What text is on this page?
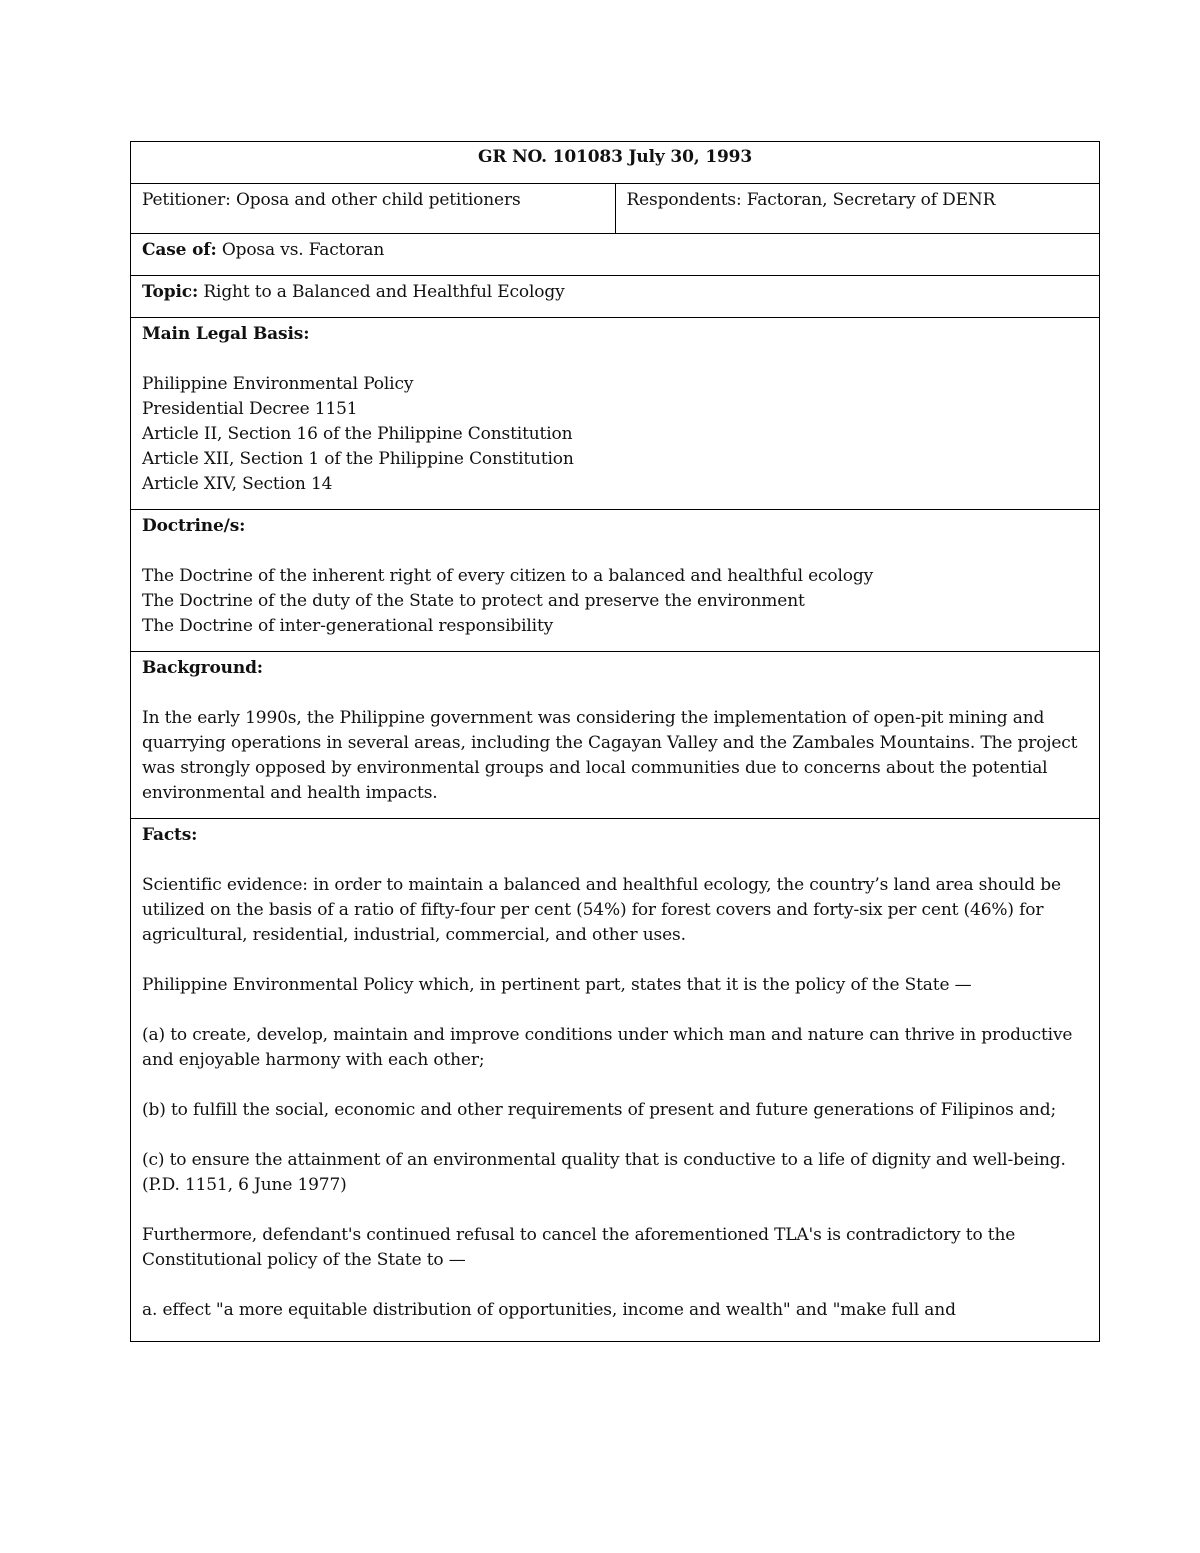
GR NO. 101083 July 30, 1993
Petitioner: Oposa and other child petitioners	Respondents: Factoran, Secretary of DENR
Case of: Oposa vs. Factoran
Topic: Right to a Balanced and Healthful Ecology

Main Legal Basis:
Philippine Environmental Policy
Presidential Decree 1151
Article II, Section 16 of the Philippine Constitution
Article XII, Section 1 of the Philippine Constitution
Article XIV, Section 14

Doctrine/s:
The Doctrine of the inherent right of every citizen to a balanced and healthful ecology
The Doctrine of the duty of the State to protect and preserve the environment
The Doctrine of inter-generational responsibility

Background:
In the early 1990s, the Philippine government was considering the implementation of open-pit mining and quarrying operations in several areas, including the Cagayan Valley and the Zambales Mountains. The project was strongly opposed by environmental groups and local communities due to concerns about the potential environmental and health impacts.

Facts:
Scientific evidence: in order to maintain a balanced and healthful ecology, the country’s land area should be utilized on the basis of a ratio of fifty-four per cent (54%) for forest covers and forty-six per cent (46%) for agricultural, residential, industrial, commercial, and other uses.
Philippine Environmental Policy which, in pertinent part, states that it is the policy of the State —
(a) to create, develop, maintain and improve conditions under which man and nature can thrive in productive and enjoyable harmony with each other;
(b) to fulfill the social, economic and other requirements of present and future generations of Filipinos and;
(c) to ensure the attainment of an environmental quality that is conductive to a life of dignity and well-being. (P.D. 1151, 6 June 1977)
Furthermore, defendant's continued refusal to cancel the aforementioned TLA's is contradictory to the Constitutional policy of the State to —
a. effect "a more equitable distribution of opportunities, income and wealth" and "make full and
